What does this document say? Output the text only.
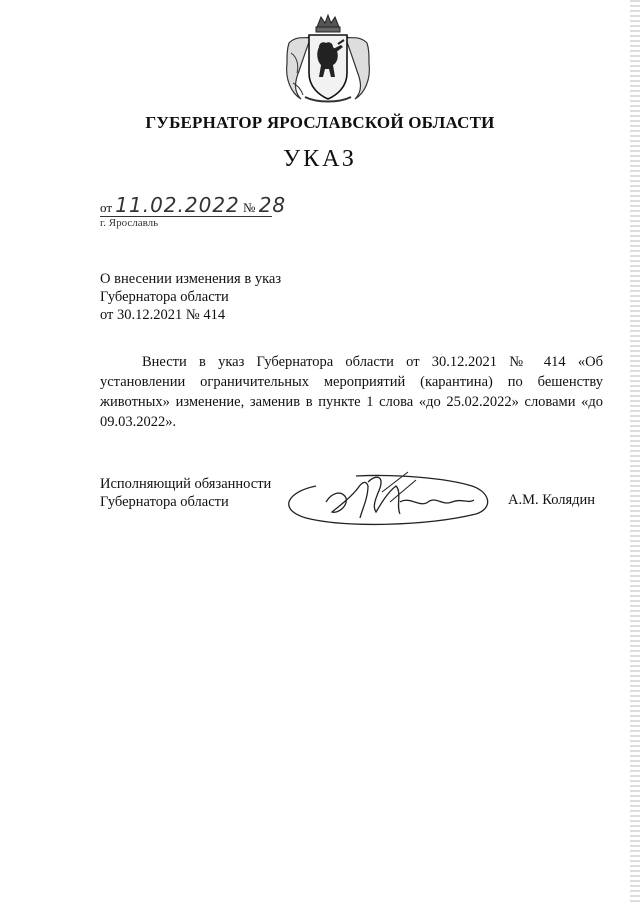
ГУБЕРНАТОР ЯРОСЛАВСКОЙ ОБЛАСТИ
УКАЗ
от 11.02.2022 № 28
г. Ярославль
О внесении изменения в указ
Губернатора области
от 30.12.2021 № 414
Внести в указ Губернатора области от 30.12.2021 № 414 «Об установлении ограничительных мероприятий (карантина) по бешенству животных» изменение, заменив в пункте 1 слова «до 25.02.2022» словами «до 09.03.2022».
Исполняющий обязанности
Губернатора области	А.М. Колядин
